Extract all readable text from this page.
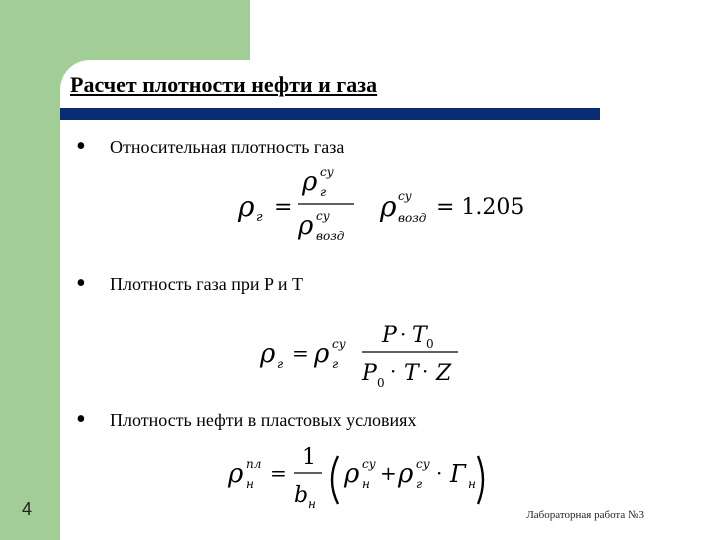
Расчет плотности нефти и газа
• Относительная плотность газа
ρ г =
ρ су
г
ρ су
возд
ρ су
возд = 1.205
• Плотность газа при P и T
ρ г = ρ су
г
P · T 0
P 0 · T · Z
• Плотность нефти в пластовых условиях
ρ пл
н =
1
b н
ρ су
н + ρ су
г · Г н
4	Лабораторная работа №3
